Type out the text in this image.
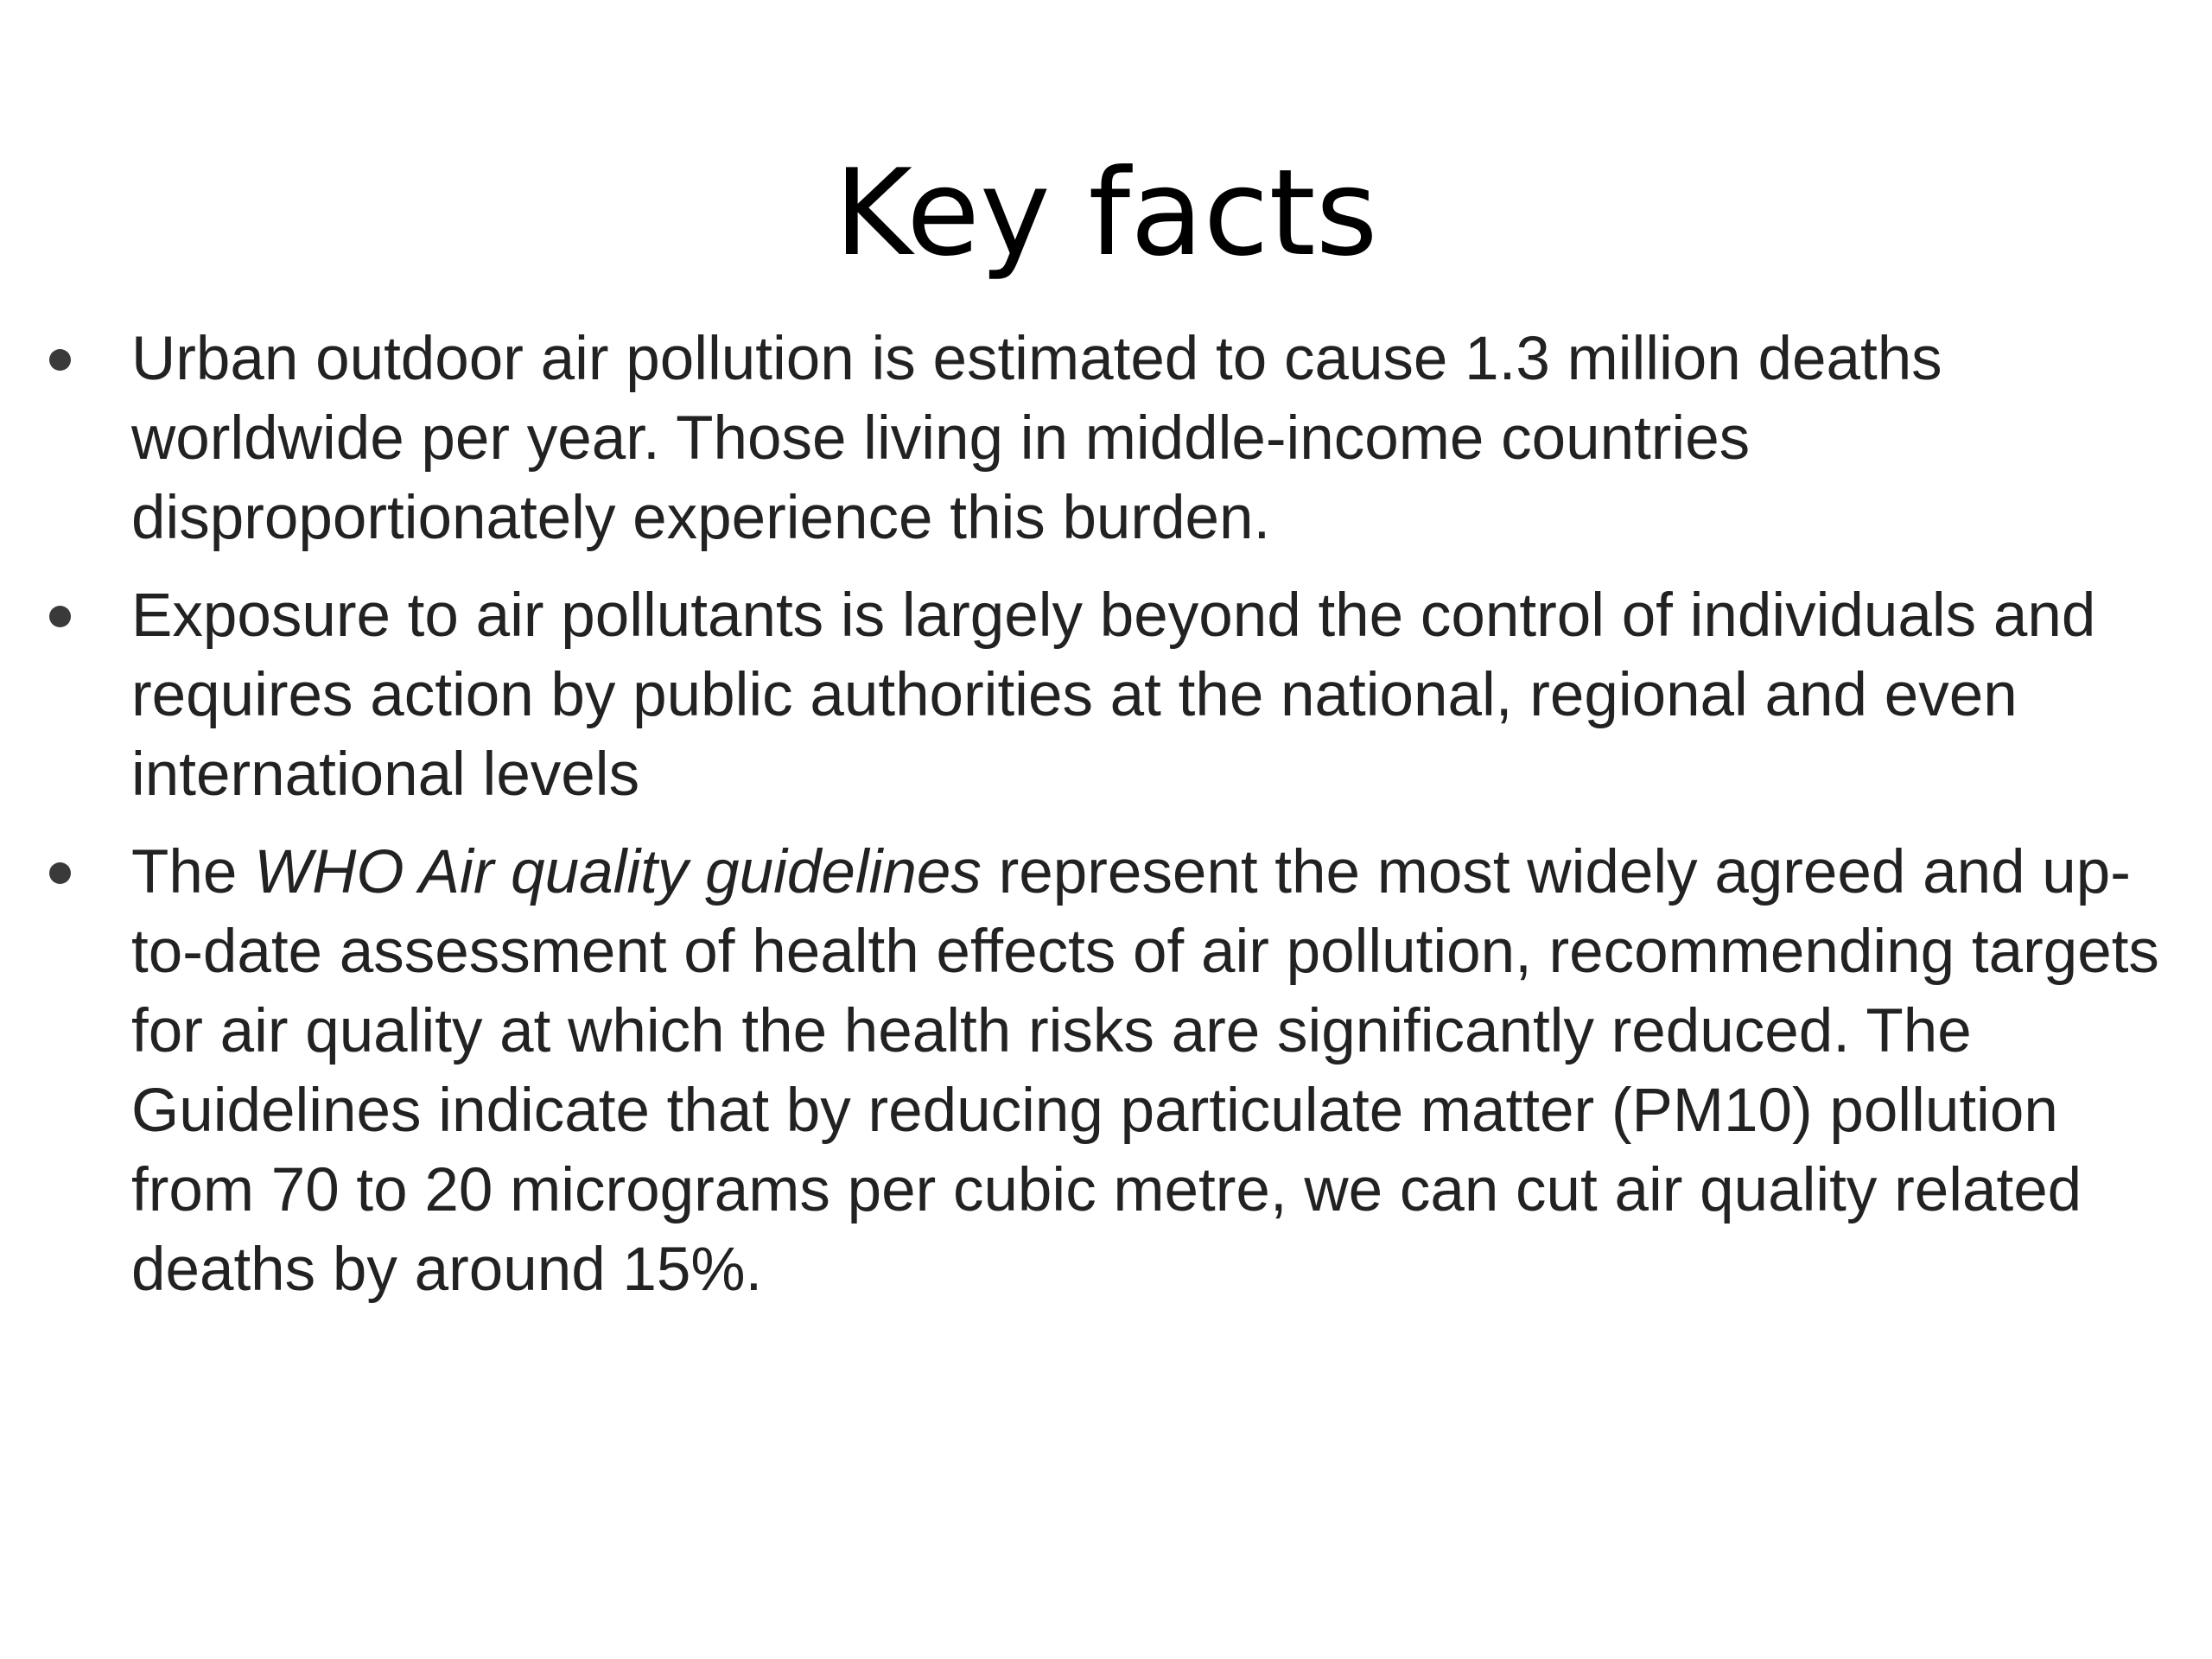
Key facts
Urban outdoor air pollution is estimated to cause 1.3 million deaths worldwide per year. Those living in middle-income countries disproportionately experience this burden.
Exposure to air pollutants is largely beyond the control of individuals and requires action by public authorities at the national, regional and even international levels
The WHO Air quality guidelines represent the most widely agreed and up-to-date assessment of health effects of air pollution, recommending targets for air quality at which the health risks are significantly reduced. The Guidelines indicate that by reducing particulate matter (PM10) pollution from 70 to 20 micrograms per cubic metre, we can cut air quality related deaths by around 15%.
